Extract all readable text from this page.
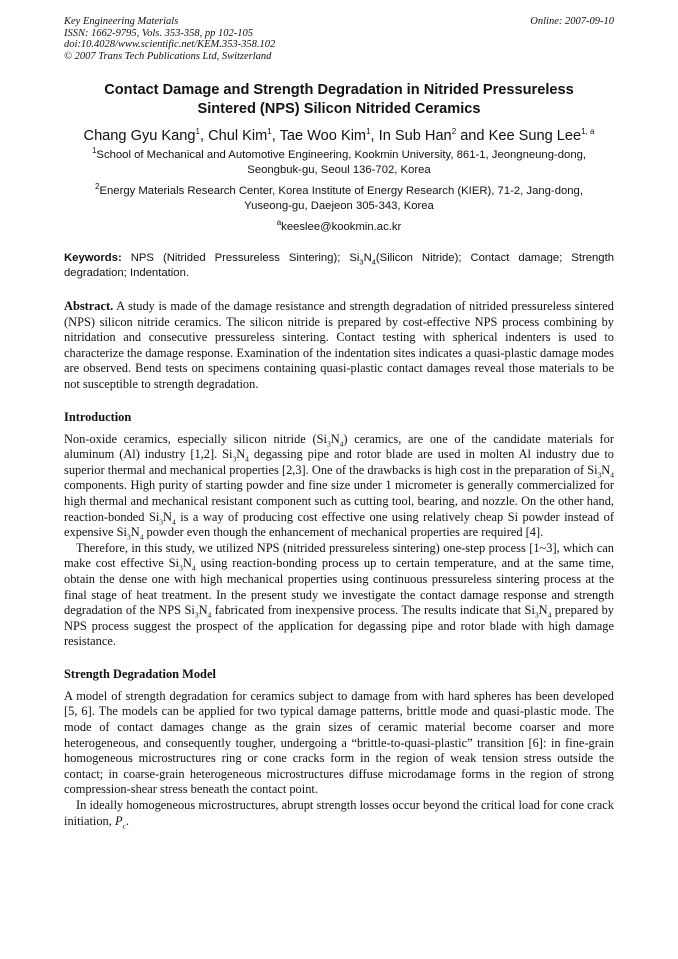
Key Engineering Materials
ISSN: 1662-9795, Vols. 353-358, pp 102-105
doi:10.4028/www.scientific.net/KEM.353-358.102
© 2007 Trans Tech Publications Ltd, Switzerland
Online: 2007-09-10
Contact Damage and Strength Degradation in Nitrided Pressureless
Sintered (NPS) Silicon Nitrided Ceramics
Chang Gyu Kang$^1$, Chul Kim$^1$, Tae Woo Kim$^1$, In Sub Han$^2$ and Kee Sung Lee$^{1, a}$
$^1$School of Mechanical and Automotive Engineering, Kookmin University, 861-1, Jeongneung-dong,
Seongbuk-gu, Seoul 136-702, Korea
$^2$Energy Materials Research Center, Korea Institute of Energy Research (KIER), 71-2, Jang-dong,
Yuseong-gu, Daejeon 305-343, Korea
$^a$keeslee@kookmin.ac.kr
Keywords: NPS (Nitrided Pressureless Sintering); $Si_3N_4(Silicon$ Nitride); Contact damage; Strength degradation; Indentation.
Abstract. A study is made of the damage resistance and strength degradation of nitrided pressureless sintered (NPS) silicon nitride ceramics. The silicon nitride is prepared by cost-effective NPS process combining by nitridation and consecutive pressureless sintering. Contact testing with spherical indenters is used to characterize the damage response. Examination of the indentation sites indicates a quasi-plastic damage modes are observed. Bend tests on specimens containing quasi-plastic contact damages reveal those materials to be not susceptible to strength degradation.
Introduction

Non-oxide ceramics, especially silicon nitride $(Si_3N_4)$ ceramics, are one of the candidate materials for aluminum (Al) industry [1,2]. $Si_3N_4$ degassing pipe and rotor blade are used in molten Al industry due to superior thermal and mechanical properties [2,3]. One of the drawbacks is high cost in the preparation of $Si_3N_4$ components. High purity of starting powder and fine size under 1 micrometer is generally commercialized for high thermal and mechanical resistant component such as cutting tool, bearing, and nozzle. On the other hand, reaction-bonded $Si_3N_4$ is a way of producing cost effective one using relatively cheap Si powder instead of expensive $Si_3N_4$ powder even though the enhancement of mechanical properties are required [4].

Therefore, in this study, we utilized NPS (nitrided pressureless sintering) one-step process [1~3], which can make cost effective $Si_3N_4$ using reaction-bonding process up to certain temperature, and at the same time, obtain the dense one with high mechanical properties using continuous pressureless sintering process at the final stage of heat treatment. In the present study we investigate the contact damage response and strength degradation of the NPS $Si_3N_4$ fabricated from inexpensive process. The results indicate that $Si_3N_4$ prepared by NPS process suggest the prospect of the application for degassing pipe and rotor blade with high damage resistance.

Strength Degradation Model

A model of strength degradation for ceramics subject to damage from with hard spheres has been developed [5, 6]. The models can be applied for two typical damage patterns, brittle mode and quasi-plastic mode. The mode of contact damages change as the grain sizes of ceramic material become coarser and more heterogeneous, and consequently tougher, undergoing a “brittle-to-quasi-plastic” transition [6]: in fine-grain homogeneous microstructures ring or cone cracks form in the region of weak tension stress outside the contact; in coarse-grain heterogeneous microstructures diffuse microdamage forms in the region of strong compression-shear stress beneath the contact point.

In ideally homogeneous microstructures, abrupt strength losses occur beyond the critical load for cone crack initiation, $P_c$.
